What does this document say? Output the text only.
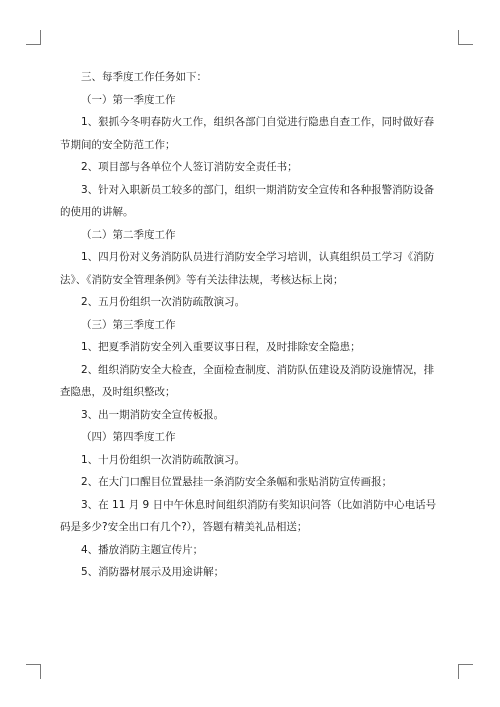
三、每季度工作任务如下：

（一）第一季度工作

1、狠抓今冬明春防火工作，组织各部门自觉进行隐患自查工作，同时做好春节期间的安全防范工作；

2、项目部与各单位个人签订消防安全责任书；

3、针对入职新员工较多的部门，组织一期消防安全宣传和各种报警消防设备的使用的讲解。

（二）第二季度工作

1、四月份对义务消防队员进行消防安全学习培训，认真组织员工学习《消防法》、《消防安全管理条例》等有关法律法规，考核达标上岗；

2、五月份组织一次消防疏散演习。

（三）第三季度工作

1、把夏季消防安全列入重要议事日程，及时排除安全隐患；

2、组织消防安全大检查，全面检查制度、消防队伍建设及消防设施情况，排查隐患，及时组织整改；

3、出一期消防安全宣传板报。

（四）第四季度工作

1、十月份组织一次消防疏散演习。

2、在大门口醒目位置悬挂一条消防安全条幅和张贴消防宣传画报；

3、在 11 月 9 日中午休息时间组织消防有奖知识问答（比如消防中心电话号码是多少?安全出口有几个?），答题有精美礼品相送；

4、播放消防主题宣传片；

5、消防器材展示及用途讲解；
